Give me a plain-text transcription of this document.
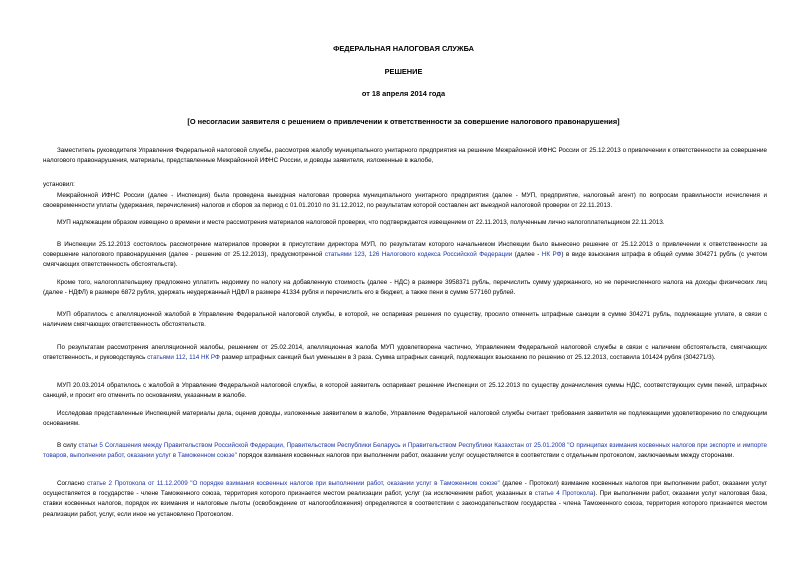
ФЕДЕРАЛЬНАЯ НАЛОГОВАЯ СЛУЖБА
РЕШЕНИЕ
от 18 апреля 2014 года
[О несогласии заявителя с решением о привлечении к ответственности за совершение налогового правонарушения]
Заместитель руководителя Управления Федеральной налоговой службы, рассмотрев жалобу муниципального унитарного предприятия на решение Межрайонной ИФНС России от 25.12.2013 о привлечении к ответственности за совершение налогового правонарушения, материалы, представленные Межрайонной ИФНС России, и доводы заявителя, изложенные в жалобе,
установил:
Межрайонной ИФНС России (далее - Инспекция) была проведена выездная налоговая проверка муниципального унитарного предприятия (далее - МУП, предприятие, налоговый агент) по вопросам правильности исчисления и своевременности уплаты (удержания, перечисления) налогов и сборов за период с 01.01.2010 по 31.12.2012, по результатам которой составлен акт выездной налоговой проверки от 22.11.2013.
МУП надлежащим образом извещено о времени и месте рассмотрения материалов налоговой проверки, что подтверждается извещением от 22.11.2013, полученным лично налогоплательщиком 22.11.2013.
В Инспекции 25.12.2013 состоялось рассмотрение материалов проверки в присутствии директора МУП, по результатам которого начальником Инспекции было вынесено решение от 25.12.2013 о привлечении к ответственности за совершение налогового правонарушения (далее - решение от 25.12.2013), предусмотренной статьями 123, 126 Налогового кодекса Российской Федерации (далее - НК РФ) в виде взыскания штрафа в общей сумме 304271 рубль (с учетом смягчающих ответственность обстоятельств).
Кроме того, налогоплательщику предложено уплатить недоимку по налогу на добавленную стоимость (далее - НДС) в размере 3958371 рубль, перечислить сумму удержанного, но не перечисленного налога на доходы физических лиц (далее - НДФЛ) в размере 6872 рубля, удержать неудержанный НДФЛ в размере 41334 рубля и перечислить его в бюджет, а также пени в сумме 577160 рублей.
МУП обратилось с апелляционной жалобой в Управление Федеральной налоговой службы, в которой, не оспаривая решения по существу, просило отменить штрафные санкции в сумме 304271 рубль, подлежащие уплате, в связи с наличием смягчающих ответственность обстоятельств.
По результатам рассмотрения апелляционной жалобы, решением от 25.02.2014, апелляционная жалоба МУП удовлетворена частично, Управлением Федеральной налоговой службы в связи с наличием обстоятельств, смягчающих ответственность, и руководствуясь статьями 112, 114 НК РФ размер штрафных санкций был уменьшен в 3 раза. Сумма штрафных санкций, подлежащих взысканию по решению от 25.12.2013, составила 101424 рубля (304271/3).
МУП 20.03.2014 обратилось с жалобой в Управление Федеральной налоговой службы, в которой заявитель оспаривает решение Инспекции от 25.12.2013 по существу доначисления суммы НДС, соответствующих сумм пеней, штрафных санкций, и просит его отменить по основаниям, указанным в жалобе.
Исследовав представленные Инспекцией материалы дела, оценив доводы, изложенные заявителем в жалобе, Управление Федеральной налоговой службы считает требования заявителя не подлежащими удовлетворению по следующим основаниям.
В силу статьи 5 Соглашения между Правительством Российской Федерации, Правительством Республики Беларусь и Правительством Республики Казахстан от 25.01.2008 "О принципах взимания косвенных налогов при экспорте и импорте товаров, выполнении работ, оказании услуг в Таможенном союзе" порядок взимания косвенных налогов при выполнении работ, оказании услуг осуществляется в соответствии с отдельным протоколом, заключаемым между сторонами.
Согласно статье 2 Протокола от 11.12.2009 "О порядке взимания косвенных налогов при выполнении работ, оказании услуг в Таможенном союзе" (далее - Протокол) взимание косвенных налогов при выполнении работ, оказании услуг осуществляется в государстве - члене Таможенного союза, территория которого признается местом реализации работ, услуг (за исключением работ, указанных в статье 4 Протокола). При выполнении работ, оказании услуг налоговая база, ставки косвенных налогов, порядок их взимания и налоговые льготы (освобождение от налогообложения) определяются в соответствии с законодательством государства - члена Таможенного союза, территория которого признается местом реализации работ, услуг, если иное не установлено Протоколом.
